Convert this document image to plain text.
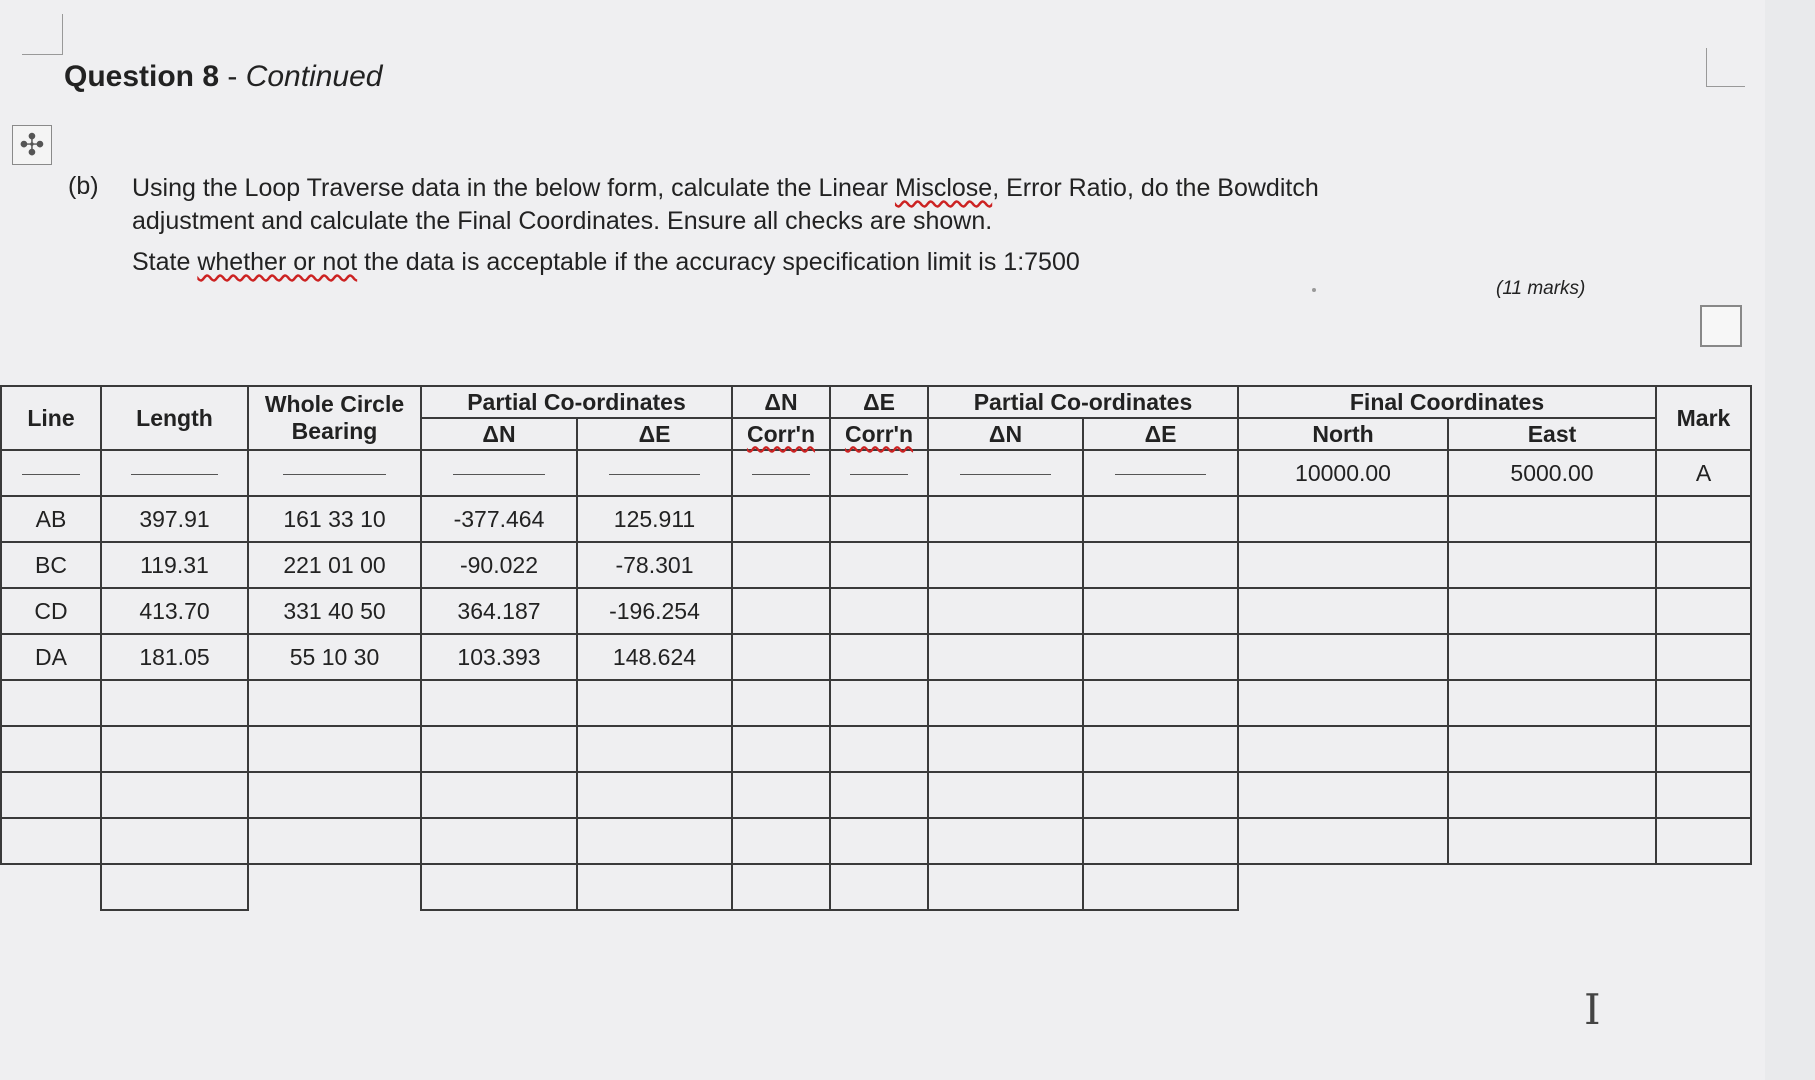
Question 8 - Continued
✣
(b) Using the Loop Traverse data in the below form, calculate the Linear Misclose, Error Ratio, do the Bowditch

adjustment and calculate the Final Coordinates. Ensure all checks are shown.

State whether or not the data is acceptable if the accuracy specification limit is 1:7500

(11 marks)
Line	Length	Whole Circle Bearing	Partial Co-ordinates		ΔN	ΔE	Partial Co-ordinates		Final Coordinates		Mark
			ΔN	ΔE	Corr'n	Corr'n	ΔN	ΔE	North	East	
									10000.00	5000.00	A
AB	397.91	161 33 10	-377.464	125.911							
BC	119.31	221 01 00	-90.022	-78.301							
CD	413.70	331 40 50	364.187	-196.254							
DA	181.05	55 10 30	103.393	148.624							

I
